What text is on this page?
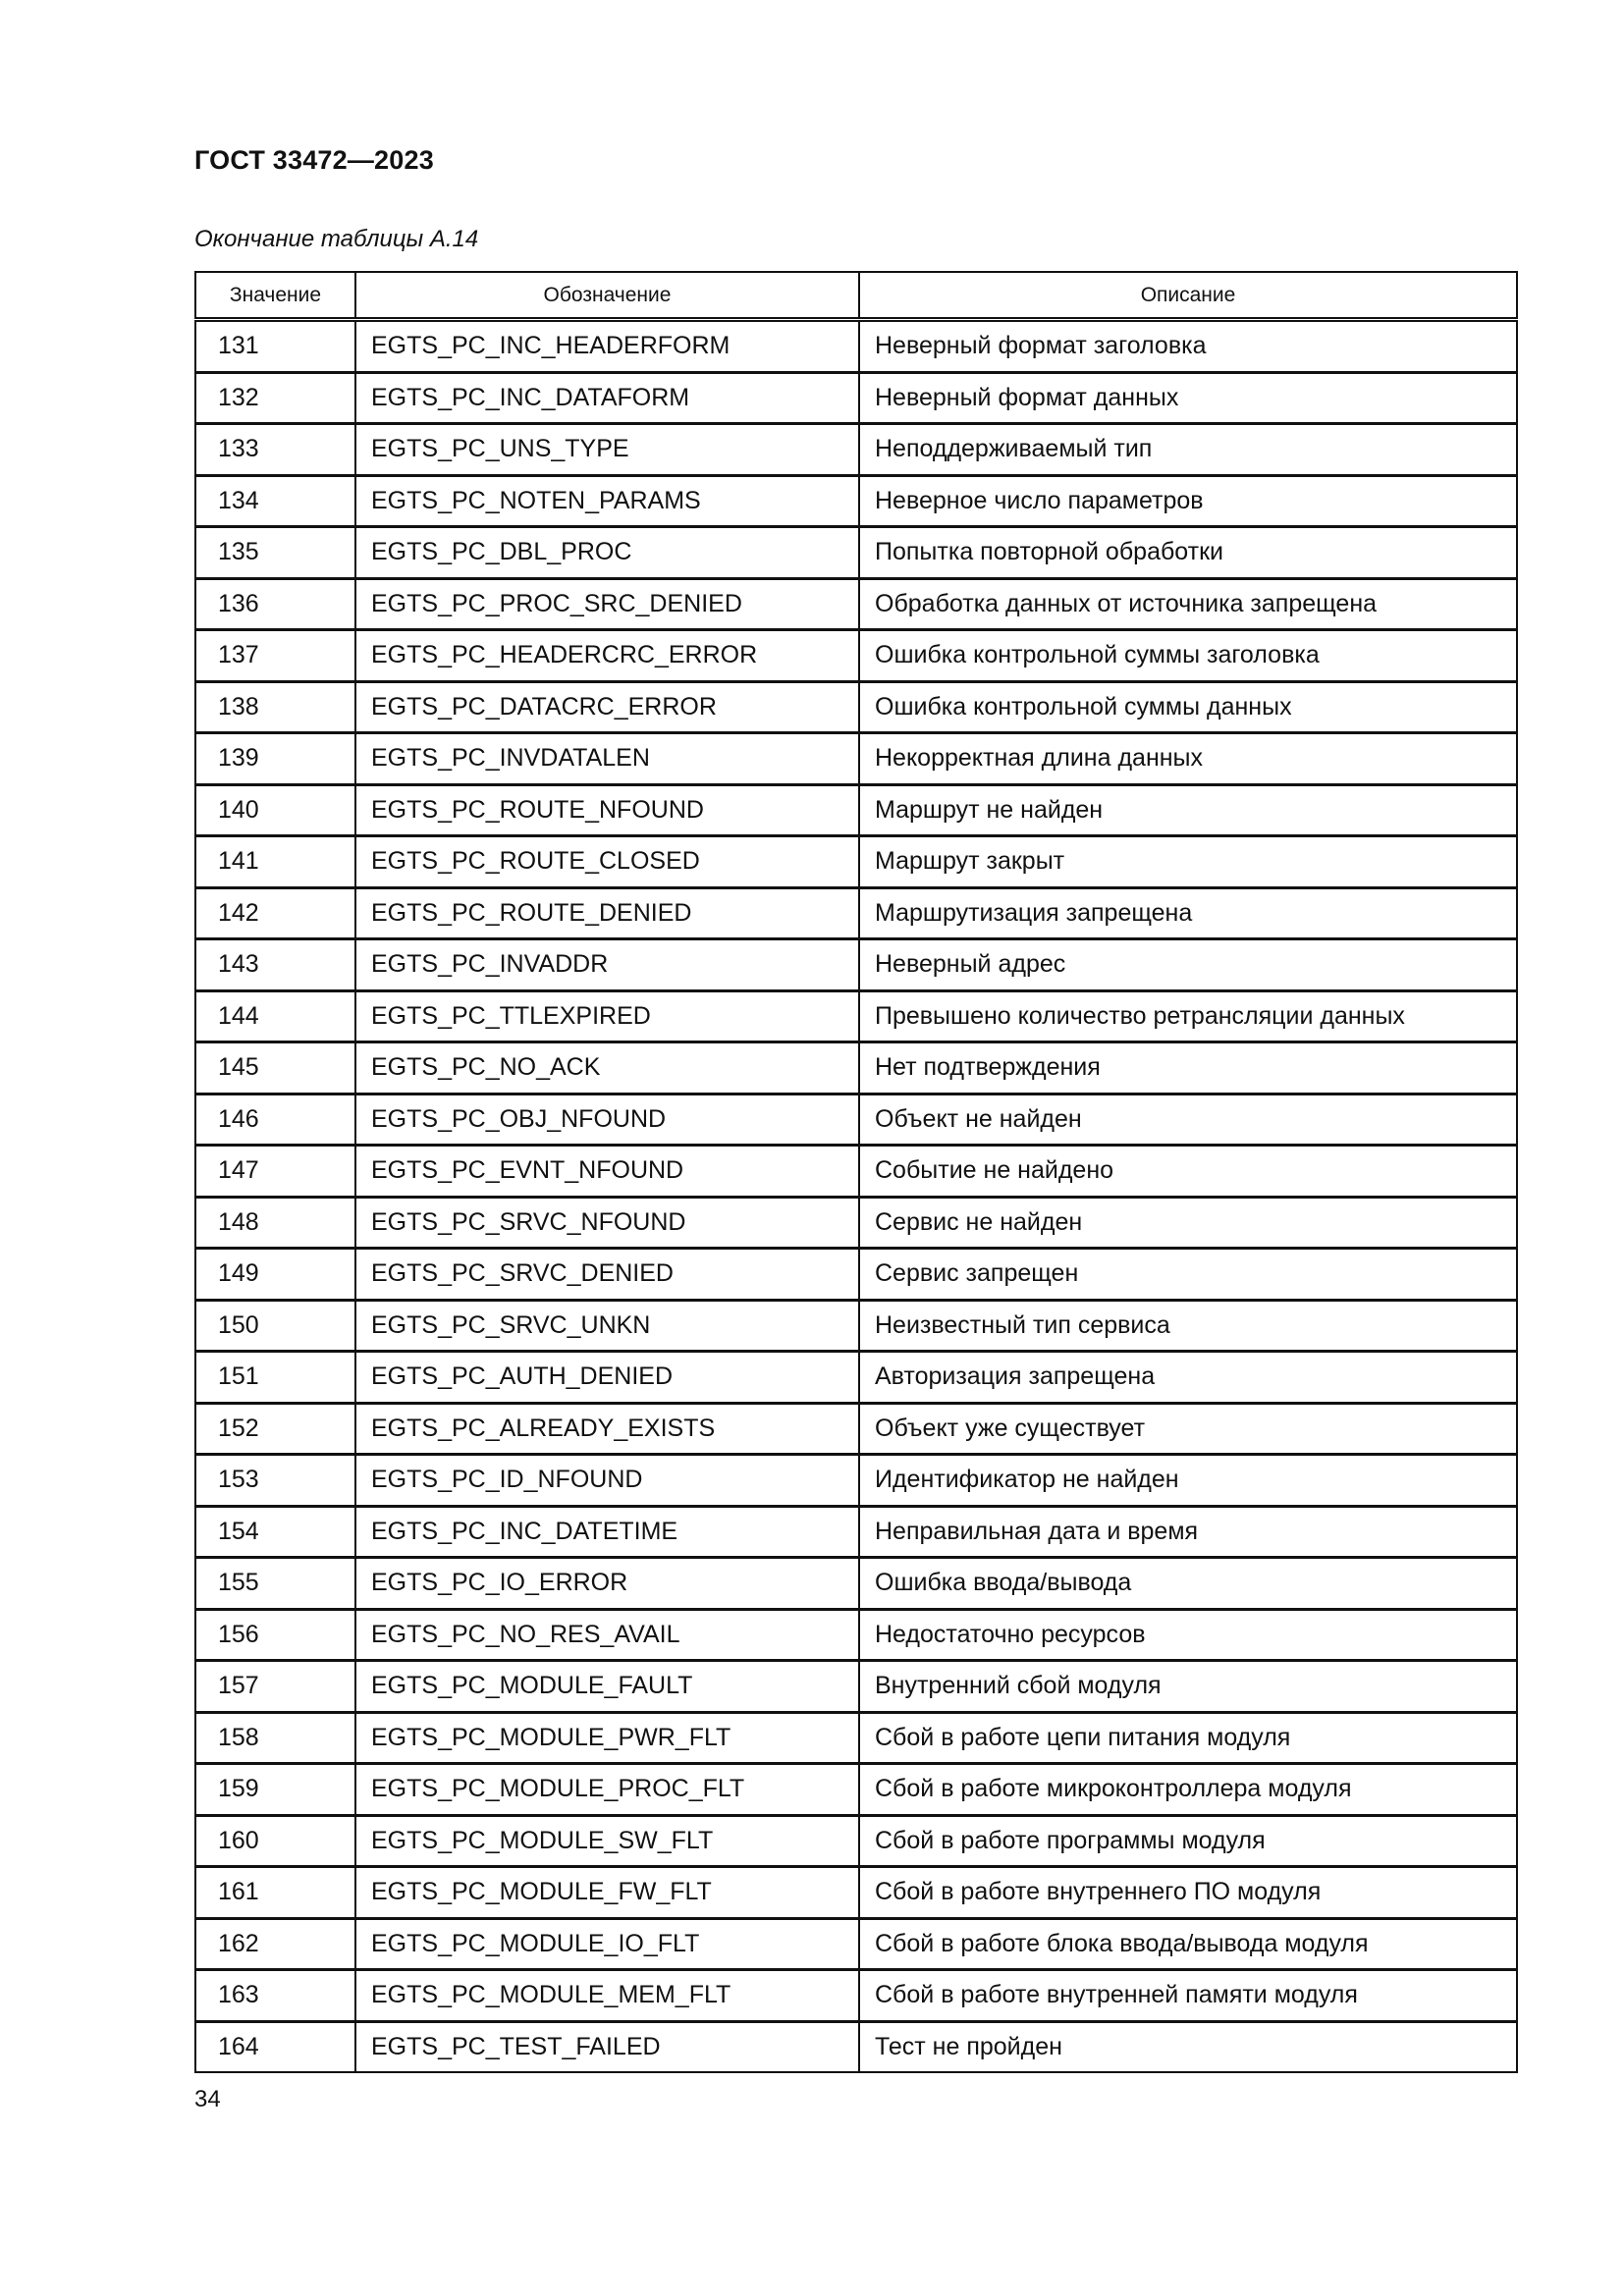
ГОСТ 33472—2023
Окончание таблицы А.14
Значение	Обозначение	Описание
131	EGTS_PC_INC_HEADERFORM	Неверный формат заголовка
132	EGTS_PC_INC_DATAFORM	Неверный формат данных
133	EGTS_PC_UNS_TYPE	Неподдерживаемый тип
134	EGTS_PC_NOTEN_PARAMS	Неверное число параметров
135	EGTS_PC_DBL_PROC	Попытка повторной обработки
136	EGTS_PC_PROC_SRC_DENIED	Обработка данных от источника запрещена
137	EGTS_PC_HEADERCRC_ERROR	Ошибка контрольной суммы заголовка
138	EGTS_PC_DATACRC_ERROR	Ошибка контрольной суммы данных
139	EGTS_PC_INVDATALEN	Некорректная длина данных
140	EGTS_PC_ROUTE_NFOUND	Маршрут не найден
141	EGTS_PC_ROUTE_CLOSED	Маршрут закрыт
142	EGTS_PC_ROUTE_DENIED	Маршрутизация запрещена
143	EGTS_PC_INVADDR	Неверный адрес
144	EGTS_PC_TTLEXPIRED	Превышено количество ретрансляции данных
145	EGTS_PC_NO_ACK	Нет подтверждения
146	EGTS_PC_OBJ_NFOUND	Объект не найден
147	EGTS_PC_EVNT_NFOUND	Событие не найдено
148	EGTS_PC_SRVC_NFOUND	Сервис не найден
149	EGTS_PC_SRVC_DENIED	Сервис запрещен
150	EGTS_PC_SRVC_UNKN	Неизвестный тип сервиса
151	EGTS_PC_AUTH_DENIED	Авторизация запрещена
152	EGTS_PC_ALREADY_EXISTS	Объект уже существует
153	EGTS_PC_ID_NFOUND	Идентификатор не найден
154	EGTS_PC_INC_DATETIME	Неправильная дата и время
155	EGTS_PC_IO_ERROR	Ошибка ввода/вывода
156	EGTS_PC_NO_RES_AVAIL	Недостаточно ресурсов
157	EGTS_PC_MODULE_FAULT	Внутренний сбой модуля
158	EGTS_PC_MODULE_PWR_FLT	Сбой в работе цепи питания модуля
159	EGTS_PC_MODULE_PROC_FLT	Сбой в работе микроконтроллера модуля
160	EGTS_PC_MODULE_SW_FLT	Сбой в работе программы модуля
161	EGTS_PC_MODULE_FW_FLT	Сбой в работе внутреннего ПО модуля
162	EGTS_PC_MODULE_IO_FLT	Сбой в работе блока ввода/вывода модуля
163	EGTS_PC_MODULE_MEM_FLT	Сбой в работе внутренней памяти модуля
164	EGTS_PC_TEST_FAILED	Тест не пройден
34
